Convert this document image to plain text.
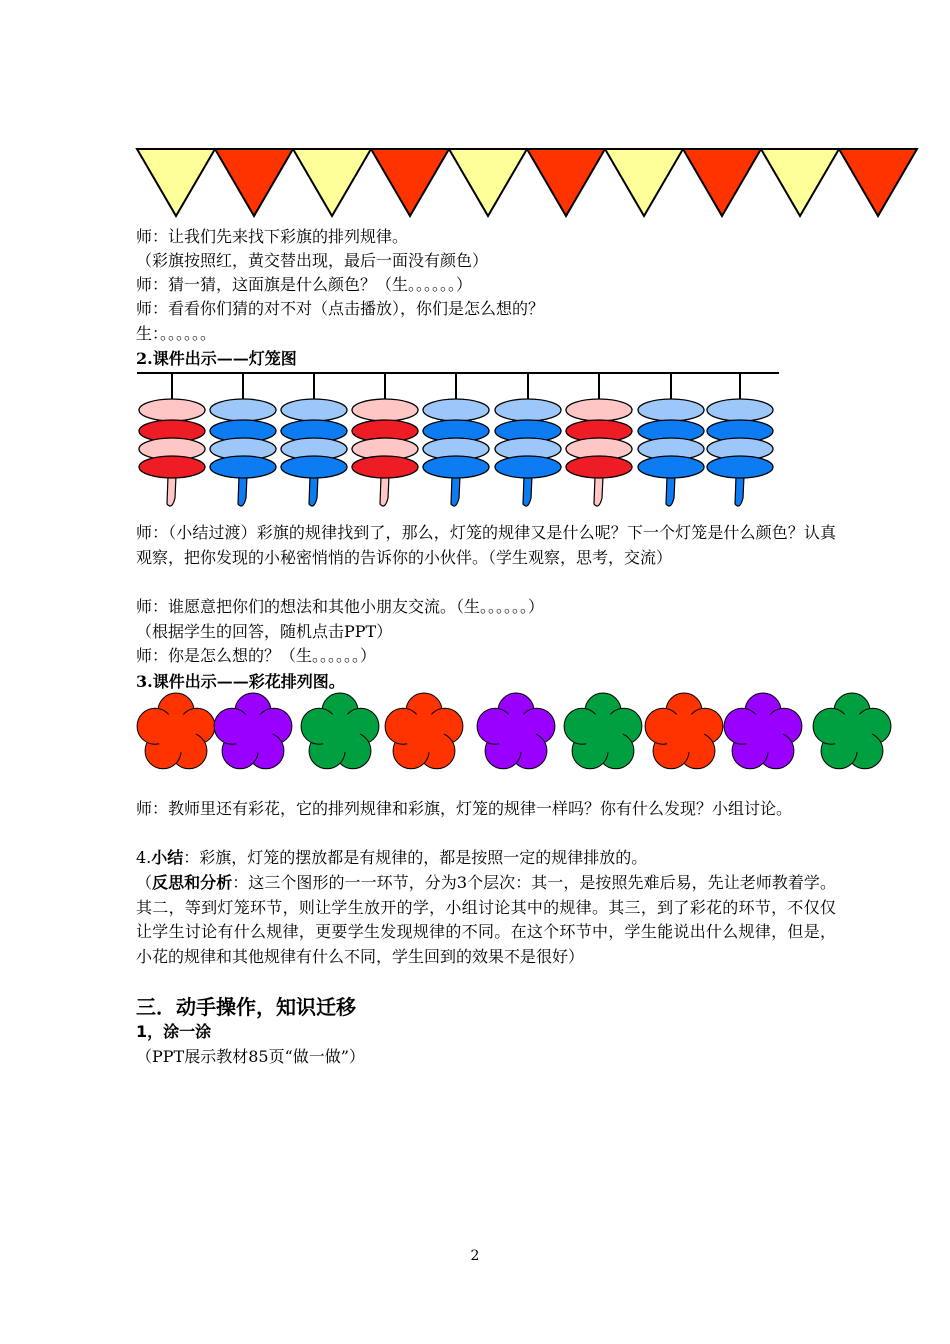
师：让我们先来找下彩旗的排列规律。
（彩旗按照红，黄交替出现，最后一面没有颜色）
师：猜一猜，这面旗是什么颜色？（生。。。。。。）
师：看看你们猜的对不对（点击播放），你们是怎么想的？
生：。。。。。。
2.课件出示——灯笼图
师：（小结过渡）彩旗的规律找到了，那么，灯笼的规律又是什么呢？下一个灯笼是什么颜色？认真观察，把你发现的小秘密悄悄的告诉你的小伙伴。（学生观察，思考，交流）
师：谁愿意把你们的想法和其他小朋友交流。（生。。。。。。）
（根据学生的回答，随机点击PPT）
师：你是怎么想的？（生。。。。。。）
3.课件出示——彩花排列图。
师：教师里还有彩花，它的排列规律和彩旗，灯笼的规律一样吗？你有什么发现？小组讨论。
4.小结：彩旗，灯笼的摆放都是有规律的，都是按照一定的规律排放的。
（反思和分析：这三个图形的一一环节，分为3个层次：其一，是按照先难后易，先让老师教着学。其二，等到灯笼环节，则让学生放开的学，小组讨论其中的规律。其三，到了彩花的环节，不仅仅让学生讨论有什么规律，更要学生发现规律的不同。在这个环节中，学生能说出什么规律，但是，小花的规律和其他规律有什么不同，学生回到的效果不是很好）
三．动手操作，知识迁移
1，涂一涂
（PPT展示教材85页“做一做”）
2
